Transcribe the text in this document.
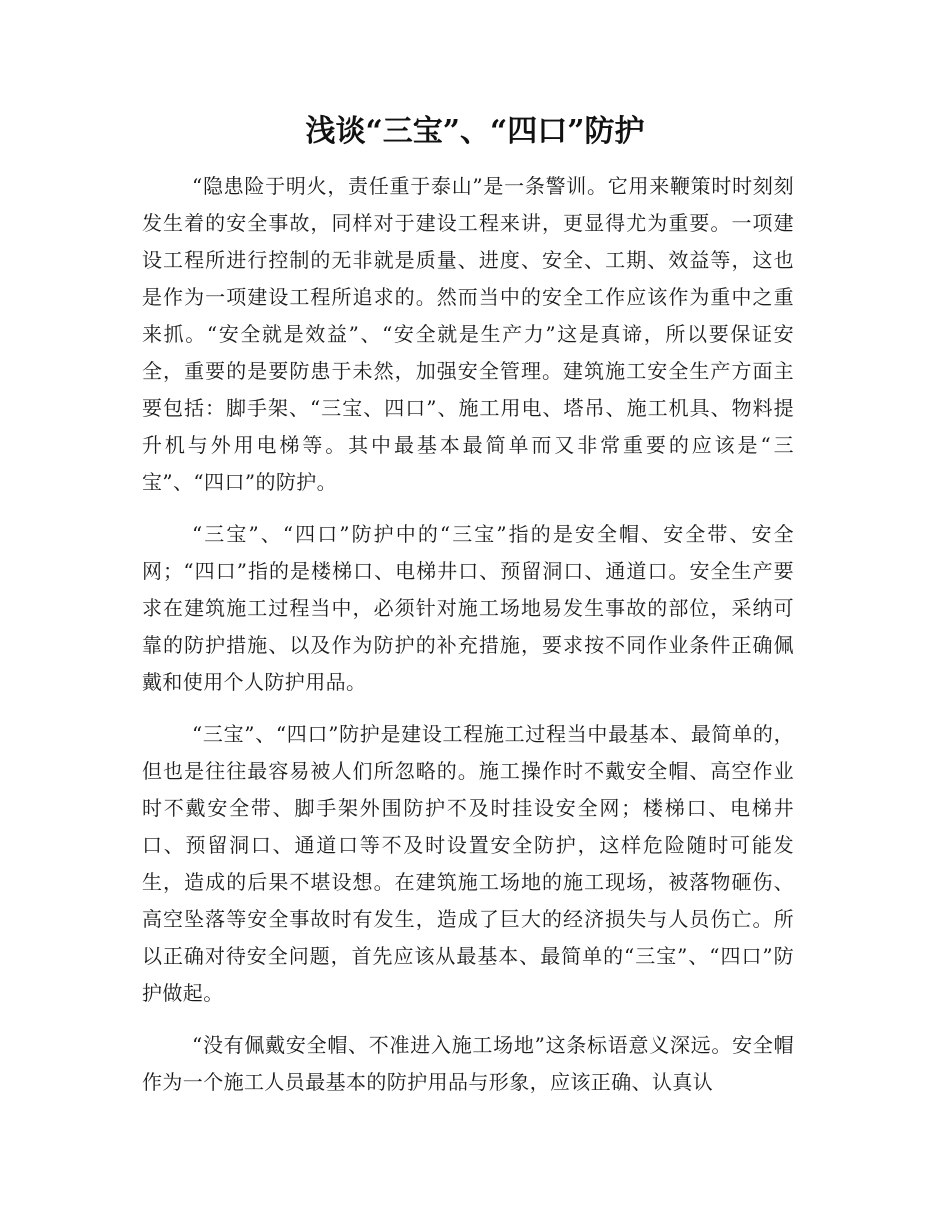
浅谈“三宝”、“四口”防护

“隐患险于明火，责任重于泰山”是一条警训。它用来鞭策时时刻刻发生着的安全事故，同样对于建设工程来讲，更显得尤为重要。一项建设工程所进行控制的无非就是质量、进度、安全、工期、效益等，这也是作为一项建设工程所追求的。然而当中的安全工作应该作为重中之重来抓。“安全就是效益”、“安全就是生产力”这是真谛，所以要保证安全，重要的是要防患于未然，加强安全管理。建筑施工安全生产方面主要包括：脚手架、“三宝、四口”、施工用电、塔吊、施工机具、物料提升机与外用电梯等。其中最基本最简单而又非常重要的应该是“三宝”、“四口”的防护。

“三宝”、“四口”防护中的“三宝”指的是安全帽、安全带、安全网；“四口”指的是楼梯口、电梯井口、预留洞口、通道口。安全生产要求在建筑施工过程当中，必须针对施工场地易发生事故的部位，采纳可靠的防护措施、以及作为防护的补充措施，要求按不同作业条件正确佩戴和使用个人防护用品。

“三宝”、“四口”防护是建设工程施工过程当中最基本、最简单的，但也是往往最容易被人们所忽略的。施工操作时不戴安全帽、高空作业时不戴安全带、脚手架外围防护不及时挂设安全网；楼梯口、电梯井口、预留洞口、通道口等不及时设置安全防护，这样危险随时可能发生，造成的后果不堪设想。在建筑施工场地的施工现场，被落物砸伤、高空坠落等安全事故时有发生，造成了巨大的经济损失与人员伤亡。所以正确对待安全问题，首先应该从最基本、最简单的“三宝”、“四口”防护做起。

“没有佩戴安全帽、不准进入施工场地”这条标语意义深远。安全帽作为一个施工人员最基本的防护用品与形象，应该正确、认真认
